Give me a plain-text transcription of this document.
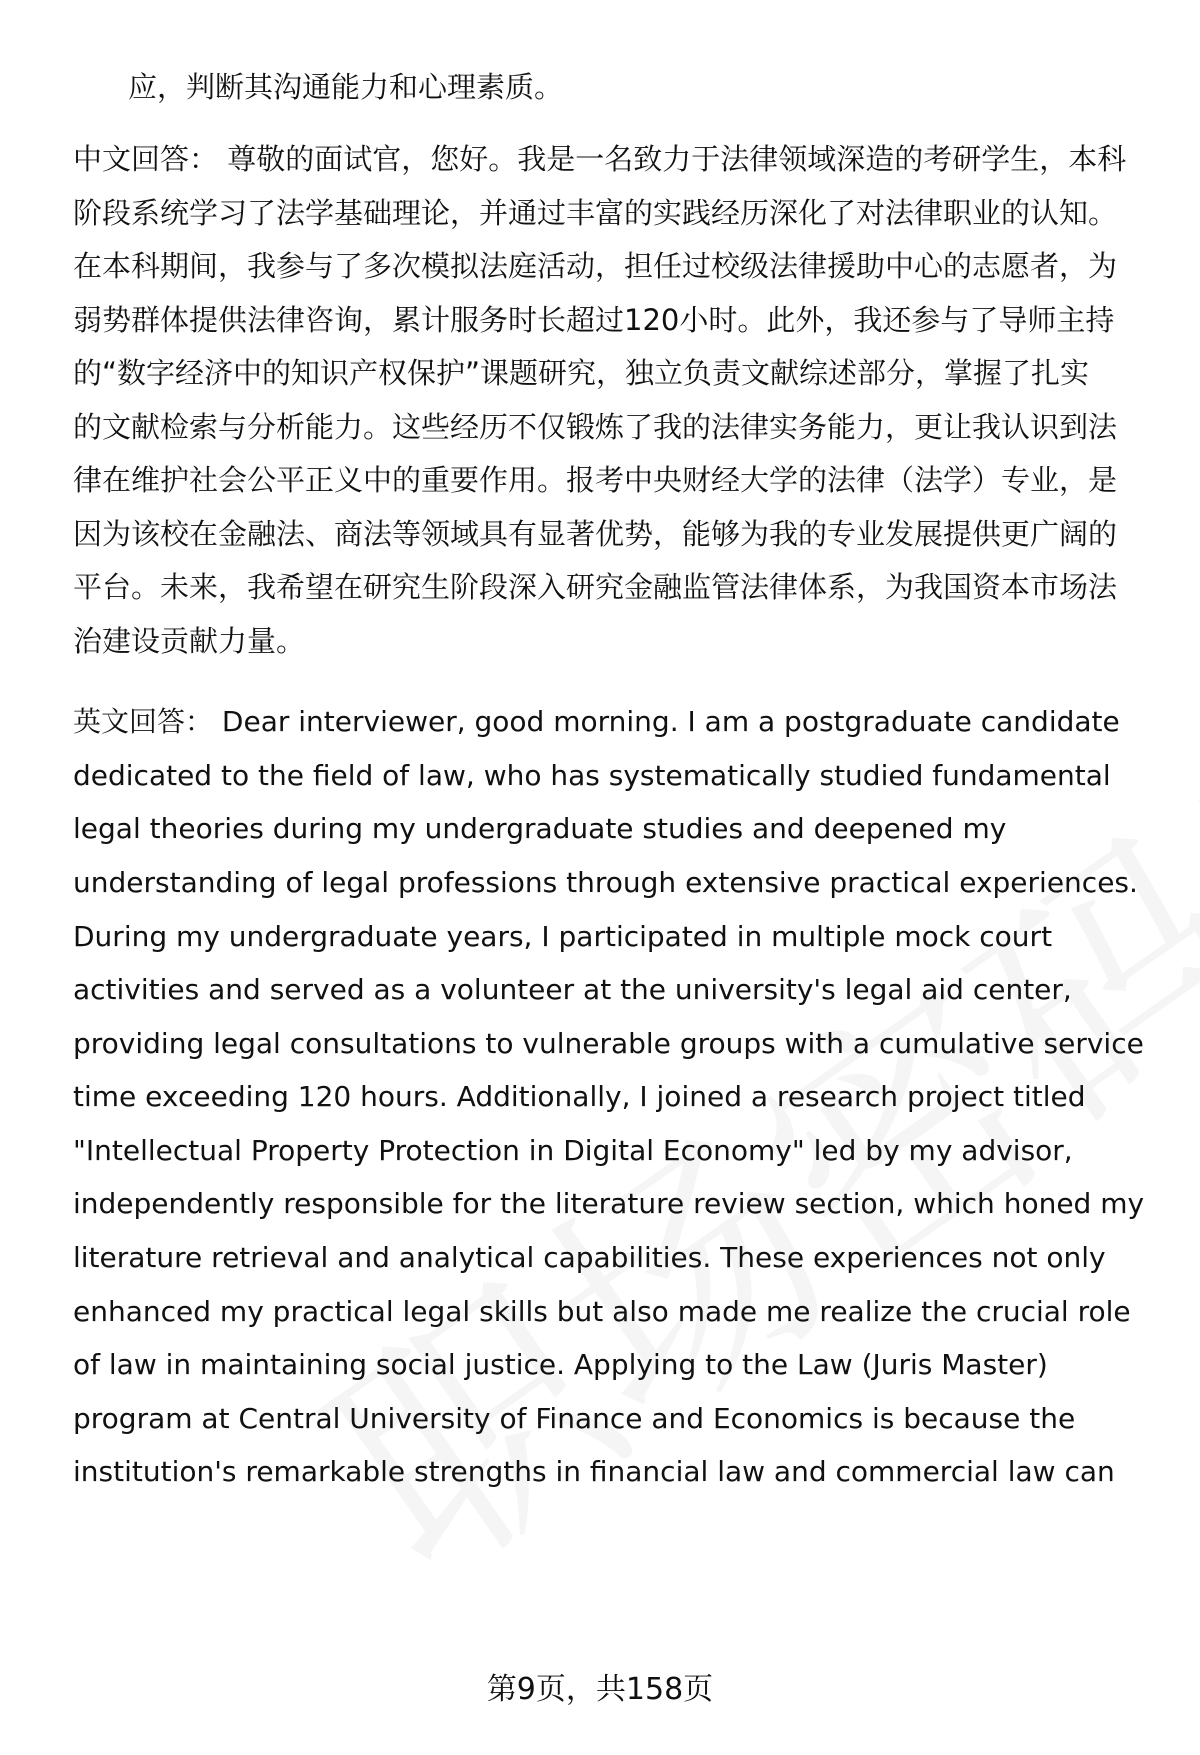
应，判断其沟通能力和心理素质。
中文回答： 尊敬的面试官，您好。我是一名致力于法律领域深造的考研学生，本科
阶段系统学习了法学基础理论，并通过丰富的实践经历深化了对法律职业的认知。
在本科期间，我参与了多次模拟法庭活动，担任过校级法律援助中心的志愿者，为
弱势群体提供法律咨询，累计服务时长超过120小时。此外，我还参与了导师主持
的“数字经济中的知识产权保护”课题研究，独立负责文献综述部分，掌握了扎实
的文献检索与分析能力。这些经历不仅锻炼了我的法律实务能力，更让我认识到法
律在维护社会公平正义中的重要作用。报考中央财经大学的法律（法学）专业，是
因为该校在金融法、商法等领域具有显著优势，能够为我的专业发展提供更广阔的
平台。未来，我希望在研究生阶段深入研究金融监管法律体系，为我国资本市场法
治建设贡献力量。
英文回答： Dear interviewer, good morning. I am a postgraduate candidate
dedicated to the field of law, who has systematically studied fundamental
legal theories during my undergraduate studies and deepened my
understanding of legal professions through extensive practical experiences.
During my undergraduate years, I participated in multiple mock court
activities and served as a volunteer at the university's legal aid center,
providing legal consultations to vulnerable groups with a cumulative service
time exceeding 120 hours. Additionally, I joined a research project titled
"Intellectual Property Protection in Digital Economy" led by my advisor,
independently responsible for the literature review section, which honed my
literature retrieval and analytical capabilities. These experiences not only
enhanced my practical legal skills but also made me realize the crucial role
of law in maintaining social justice. Applying to the Law (Juris Master)
program at Central University of Finance and Economics is because the
institution's remarkable strengths in financial law and commercial law can
第9页，共158页
